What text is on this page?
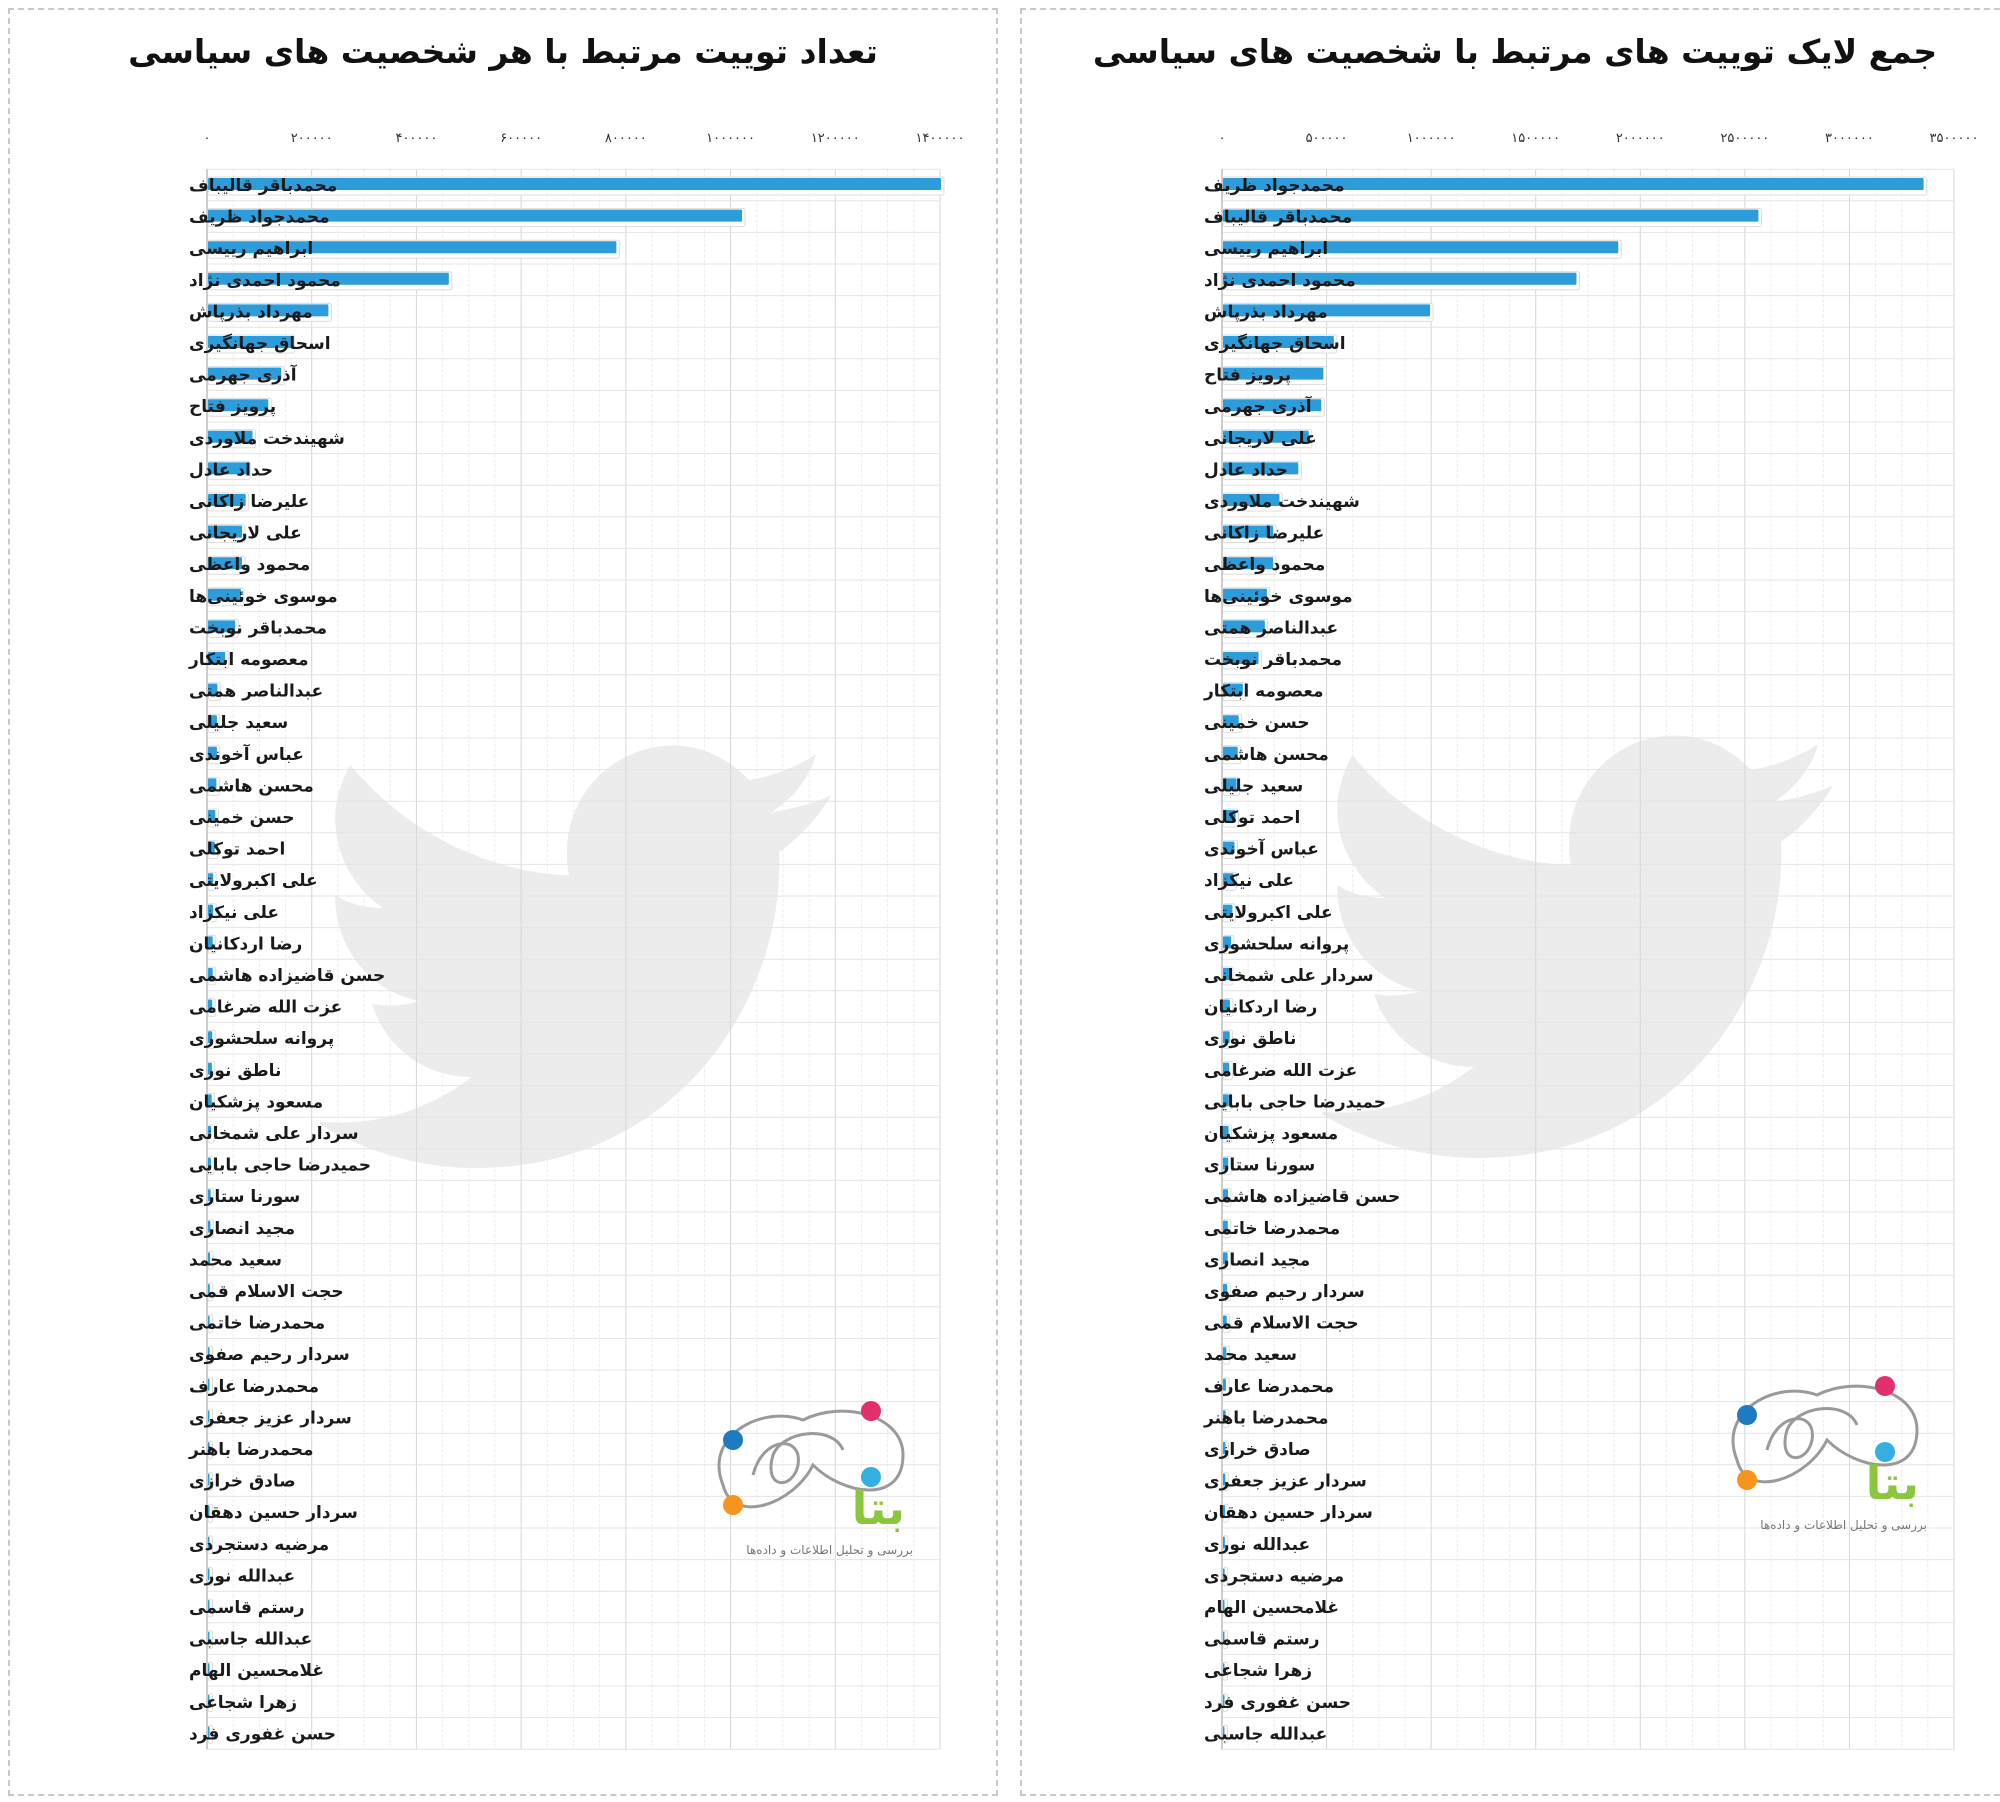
جمع لایک توییت های مرتبط با شخصیت های سیاسی
۰	۵۰۰۰۰۰	۱۰۰۰۰۰۰	۱۵۰۰۰۰۰	۲۰۰۰۰۰۰	۲۵۰۰۰۰۰	۳۰۰۰۰۰۰	۳۵۰۰۰۰۰
محمدجواد ظریف
محمدباقر قالیباف
ابراهیم رییسی
محمود احمدی نژاد
مهرداد بذرپاش
اسحاق جهانگیری
پرویز فتاح
آذری جهرمی
علی لاریجانی
حداد عادل
شهیندخت ملاوردی
علیرضا زاکانی
محمود واعظی
موسوی خوئینی‌ها
عبدالناصر همتی
محمدباقر نوبخت
معصومه ابتکار
حسن خمینی
محسن هاشمی
سعید جلیلی
احمد توکلی
عباس آخوندی
علی نیکزاد
علی اکبرولایتی
پروانه سلحشوری
سردار علی شمخانی
رضا اردکانیان
ناطق نوری
عزت الله ضرغامی
حمیدرضا حاجی بابایی
مسعود پزشکیان
سورنا ستاری
حسن قاضیزاده هاشمی
محمدرضا خاتمی
مجید انصاری
سردار رحیم صفوی
حجت الاسلام قمی
سعید محمد
محمدرضا عارف
محمدرضا باهنر
صادق خرازی
سردار عزیز جعفری
سردار حسین دهقان
عبدالله نوری
مرضیه دستجردی
غلامحسین الهام
رستم قاسمی
زهرا شجاعی
حسن غفوری فرد
عبدالله جاسبی
بتا
بررسی و تحلیل اطلاعات و داده‌ها
تعداد توییت مرتبط با هر شخصیت های سیاسی
۰	۲۰۰۰۰۰	۴۰۰۰۰۰	۶۰۰۰۰۰	۸۰۰۰۰۰	۱۰۰۰۰۰۰	۱۲۰۰۰۰۰	۱۴۰۰۰۰۰
محمدباقر قالیباف
محمدجواد ظریف
ابراهیم رییسی
محمود احمدی نژاد
مهرداد بذرپاش
اسحاق جهانگیری
آذری جهرمی
پرویز فتاح
شهیندخت ملاوردی
حداد عادل
علیرضا زاکانی
علی لاریجانی
محمود واعظی
موسوی خوئینی‌ها
محمدباقر نوبخت
معصومه ابتکار
عبدالناصر همتی
سعید جلیلی
عباس آخوندی
محسن هاشمی
حسن خمینی
احمد توکلی
علی اکبرولایتی
علی نیکزاد
رضا اردکانیان
حسن قاضیزاده هاشمی
عزت الله ضرغامی
پروانه سلحشوری
ناطق نوری
مسعود پزشکیان
سردار علی شمخانی
حمیدرضا حاجی بابایی
سورنا ستاری
مجید انصاری
سعید محمد
حجت الاسلام قمی
محمدرضا خاتمی
سردار رحیم صفوی
محمدرضا عارف
سردار عزیز جعفری
محمدرضا باهنر
صادق خرازی
سردار حسین دهقان
مرضیه دستجردی
عبدالله نوری
رستم قاسمی
عبدالله جاسبی
غلامحسین الهام
زهرا شجاعی
حسن غفوری فرد
بتا
بررسی و تحلیل اطلاعات و داده‌ها
